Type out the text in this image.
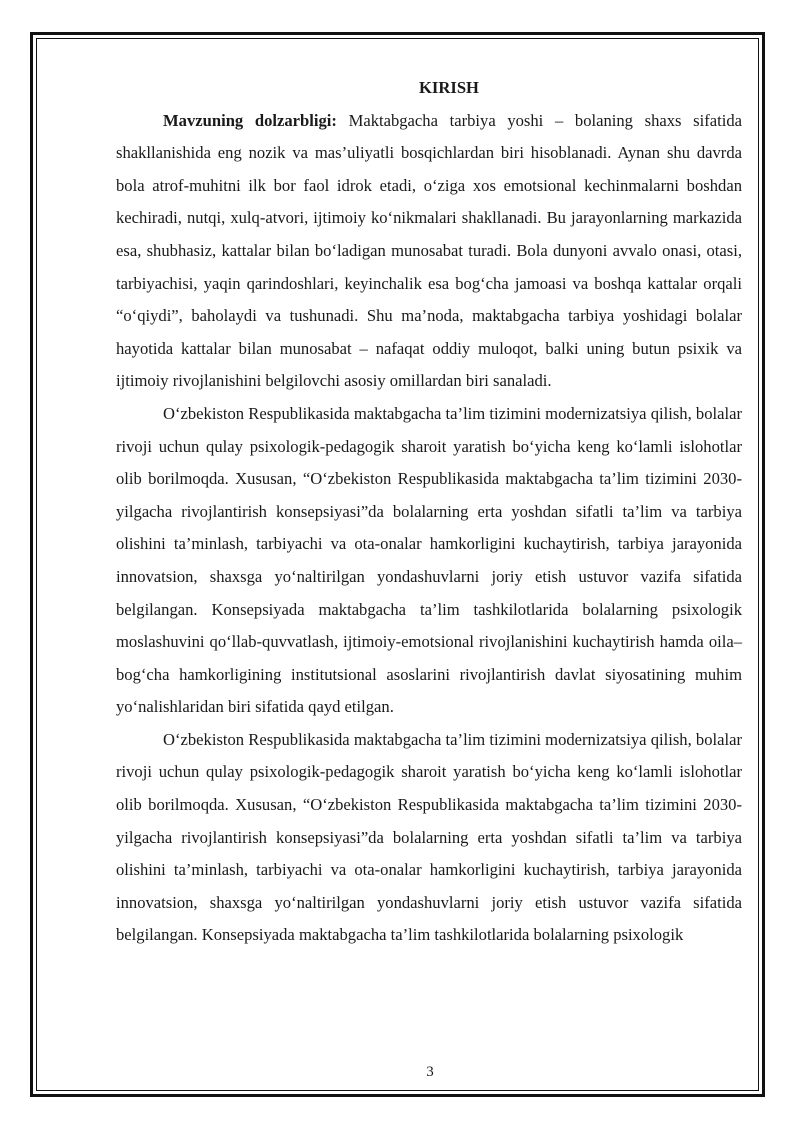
KIRISH

Mavzuning dolzarbligi: Maktabgacha tarbiya yoshi – bolaning shaxs sifatida shakllanishida eng nozik va mas’uliyatli bosqichlardan biri hisoblanadi. Aynan shu davrda bola atrof-muhitni ilk bor faol idrok etadi, o‘ziga xos emotsional kechinmalarni boshdan kechiradi, nutqi, xulq-atvori, ijtimoiy ko‘nikmalari shakllanadi. Bu jarayonlarning markazida esa, shubhasiz, kattalar bilan bo‘ladigan munosabat turadi. Bola dunyoni avvalo onasi, otasi, tarbiyachisi, yaqin qarindoshlari, keyinchalik esa bog‘cha jamoasi va boshqa kattalar orqali “o‘qiydi”, baholaydi va tushunadi. Shu ma’noda, maktabgacha tarbiya yoshidagi bolalar hayotida kattalar bilan munosabat – nafaqat oddiy muloqot, balki uning butun psixik va ijtimoiy rivojlanishini belgilovchi asosiy omillardan biri sanaladi.

O‘zbekiston Respublikasida maktabgacha ta’lim tizimini modernizatsiya qilish, bolalar rivoji uchun qulay psixologik-pedagogik sharoit yaratish bo‘yicha keng ko‘lamli islohotlar olib borilmoqda. Xususan, “O‘zbekiston Respublikasida maktabgacha ta’lim tizimini 2030-yilgacha rivojlantirish konsepsiyasi”da bolalarning erta yoshdan sifatli ta’lim va tarbiya olishini ta’minlash, tarbiyachi va ota-onalar hamkorligini kuchaytirish, tarbiya jarayonida innovatsion, shaxsga yo‘naltirilgan yondashuvlarni joriy etish ustuvor vazifa sifatida belgilangan. Konsepsiyada maktabgacha ta’lim tashkilotlarida bolalarning psixologik moslashuvini qo‘llab-quvvatlash, ijtimoiy-emotsional rivojlanishini kuchaytirish hamda oila–bog‘cha hamkorligining institutsional asoslarini rivojlantirish davlat siyosatining muhim yo‘nalishlaridan biri sifatida qayd etilgan.

O‘zbekiston Respublikasida maktabgacha ta’lim tizimini modernizatsiya qilish, bolalar rivoji uchun qulay psixologik-pedagogik sharoit yaratish bo‘yicha keng ko‘lamli islohotlar olib borilmoqda. Xususan, “O‘zbekiston Respublikasida maktabgacha ta’lim tizimini 2030-yilgacha rivojlantirish konsepsiyasi”da bolalarning erta yoshdan sifatli ta’lim va tarbiya olishini ta’minlash, tarbiyachi va ota-onalar hamkorligini kuchaytirish, tarbiya jarayonida innovatsion, shaxsga yo‘naltirilgan yondashuvlarni joriy etish ustuvor vazifa sifatida belgilangan. Konsepsiyada maktabgacha ta’lim tashkilotlarida bolalarning psixologik

3
